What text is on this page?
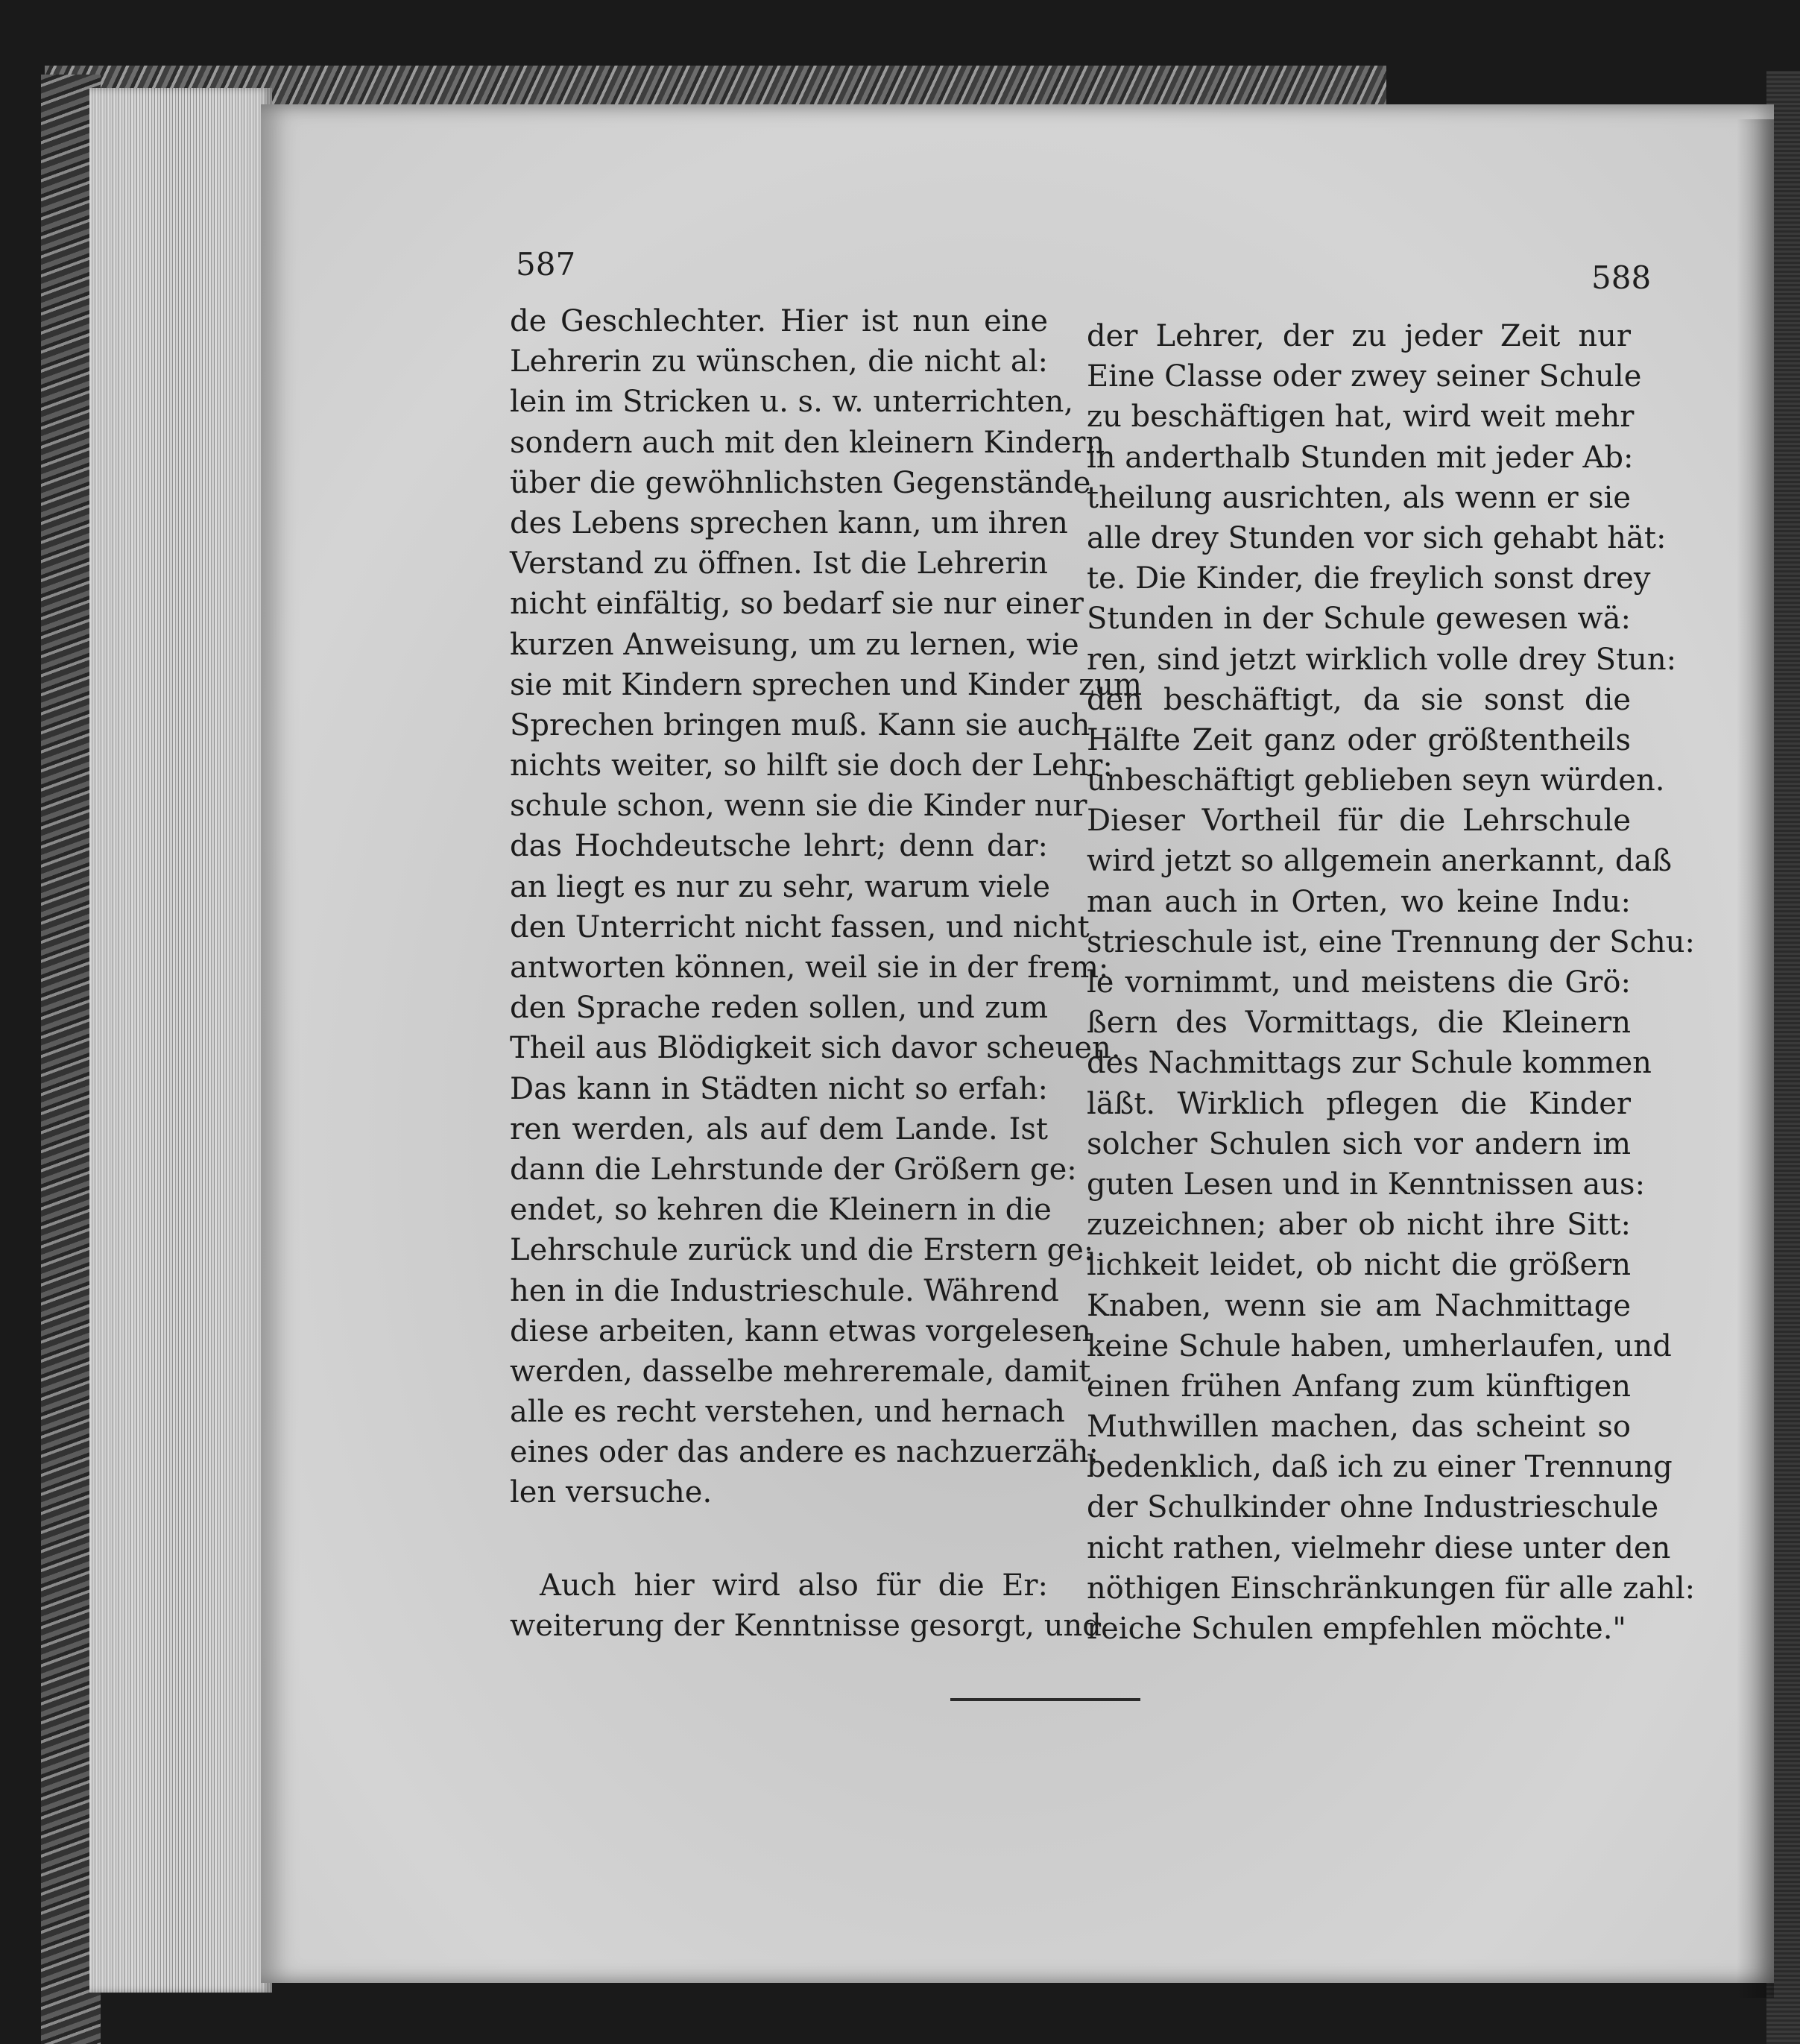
587	588
de Geschlechter. Hier ist nun eine
Lehrerin zu wünschen, die nicht al:
lein im Stricken u. s. w. unterrichten,
sondern auch mit den kleinern Kindern
über die gewöhnlichsten Gegenstände
des Lebens sprechen kann, um ihren
Verstand zu öffnen. Ist die Lehrerin
nicht einfältig, so bedarf sie nur einer
kurzen Anweisung, um zu lernen, wie
sie mit Kindern sprechen und Kinder zum
Sprechen bringen muß. Kann sie auch
nichts weiter, so hilft sie doch der Lehr:
schule schon, wenn sie die Kinder nur
das Hochdeutsche lehrt; denn dar:
an liegt es nur zu sehr, warum viele
den Unterricht nicht fassen, und nicht
antworten können, weil sie in der frem:
den Sprache reden sollen, und zum
Theil aus Blödigkeit sich davor scheuen.
Das kann in Städten nicht so erfah:
ren werden, als auf dem Lande. Ist
dann die Lehrstunde der Größern ge:
endet, so kehren die Kleinern in die
Lehrschule zurück und die Erstern ge:
hen in die Industrieschule. Während
diese arbeiten, kann etwas vorgelesen
werden, dasselbe mehreremale, damit
alle es recht verstehen, und hernach
eines oder das andere es nachzuerzäh:
len versuche.
Auch hier wird also für die Er:
weiterung der Kenntnisse gesorgt, und
der Lehrer, der zu jeder Zeit nur
Eine Classe oder zwey seiner Schule
zu beschäftigen hat, wird weit mehr
in anderthalb Stunden mit jeder Ab:
theilung ausrichten, als wenn er sie
alle drey Stunden vor sich gehabt hät:
te. Die Kinder, die freylich sonst drey
Stunden in der Schule gewesen wä:
ren, sind jetzt wirklich volle drey Stun:
den beschäftigt, da sie sonst die
Hälfte Zeit ganz oder größtentheils
unbeschäftigt geblieben seyn würden.
Dieser Vortheil für die Lehrschule
wird jetzt so allgemein anerkannt, daß
man auch in Orten, wo keine Indu:
strieschule ist, eine Trennung der Schu:
le vornimmt, und meistens die Grö:
ßern des Vormittags, die Kleinern
des Nachmittags zur Schule kommen
läßt. Wirklich pflegen die Kinder
solcher Schulen sich vor andern im
guten Lesen und in Kenntnissen aus:
zuzeichnen; aber ob nicht ihre Sitt:
lichkeit leidet, ob nicht die größern
Knaben, wenn sie am Nachmittage
keine Schule haben, umherlaufen, und
einen frühen Anfang zum künftigen
Muthwillen machen, das scheint so
bedenklich, daß ich zu einer Trennung
der Schulkinder ohne Industrieschule
nicht rathen, vielmehr diese unter den
nöthigen Einschränkungen für alle zahl:
reiche Schulen empfehlen möchte."
